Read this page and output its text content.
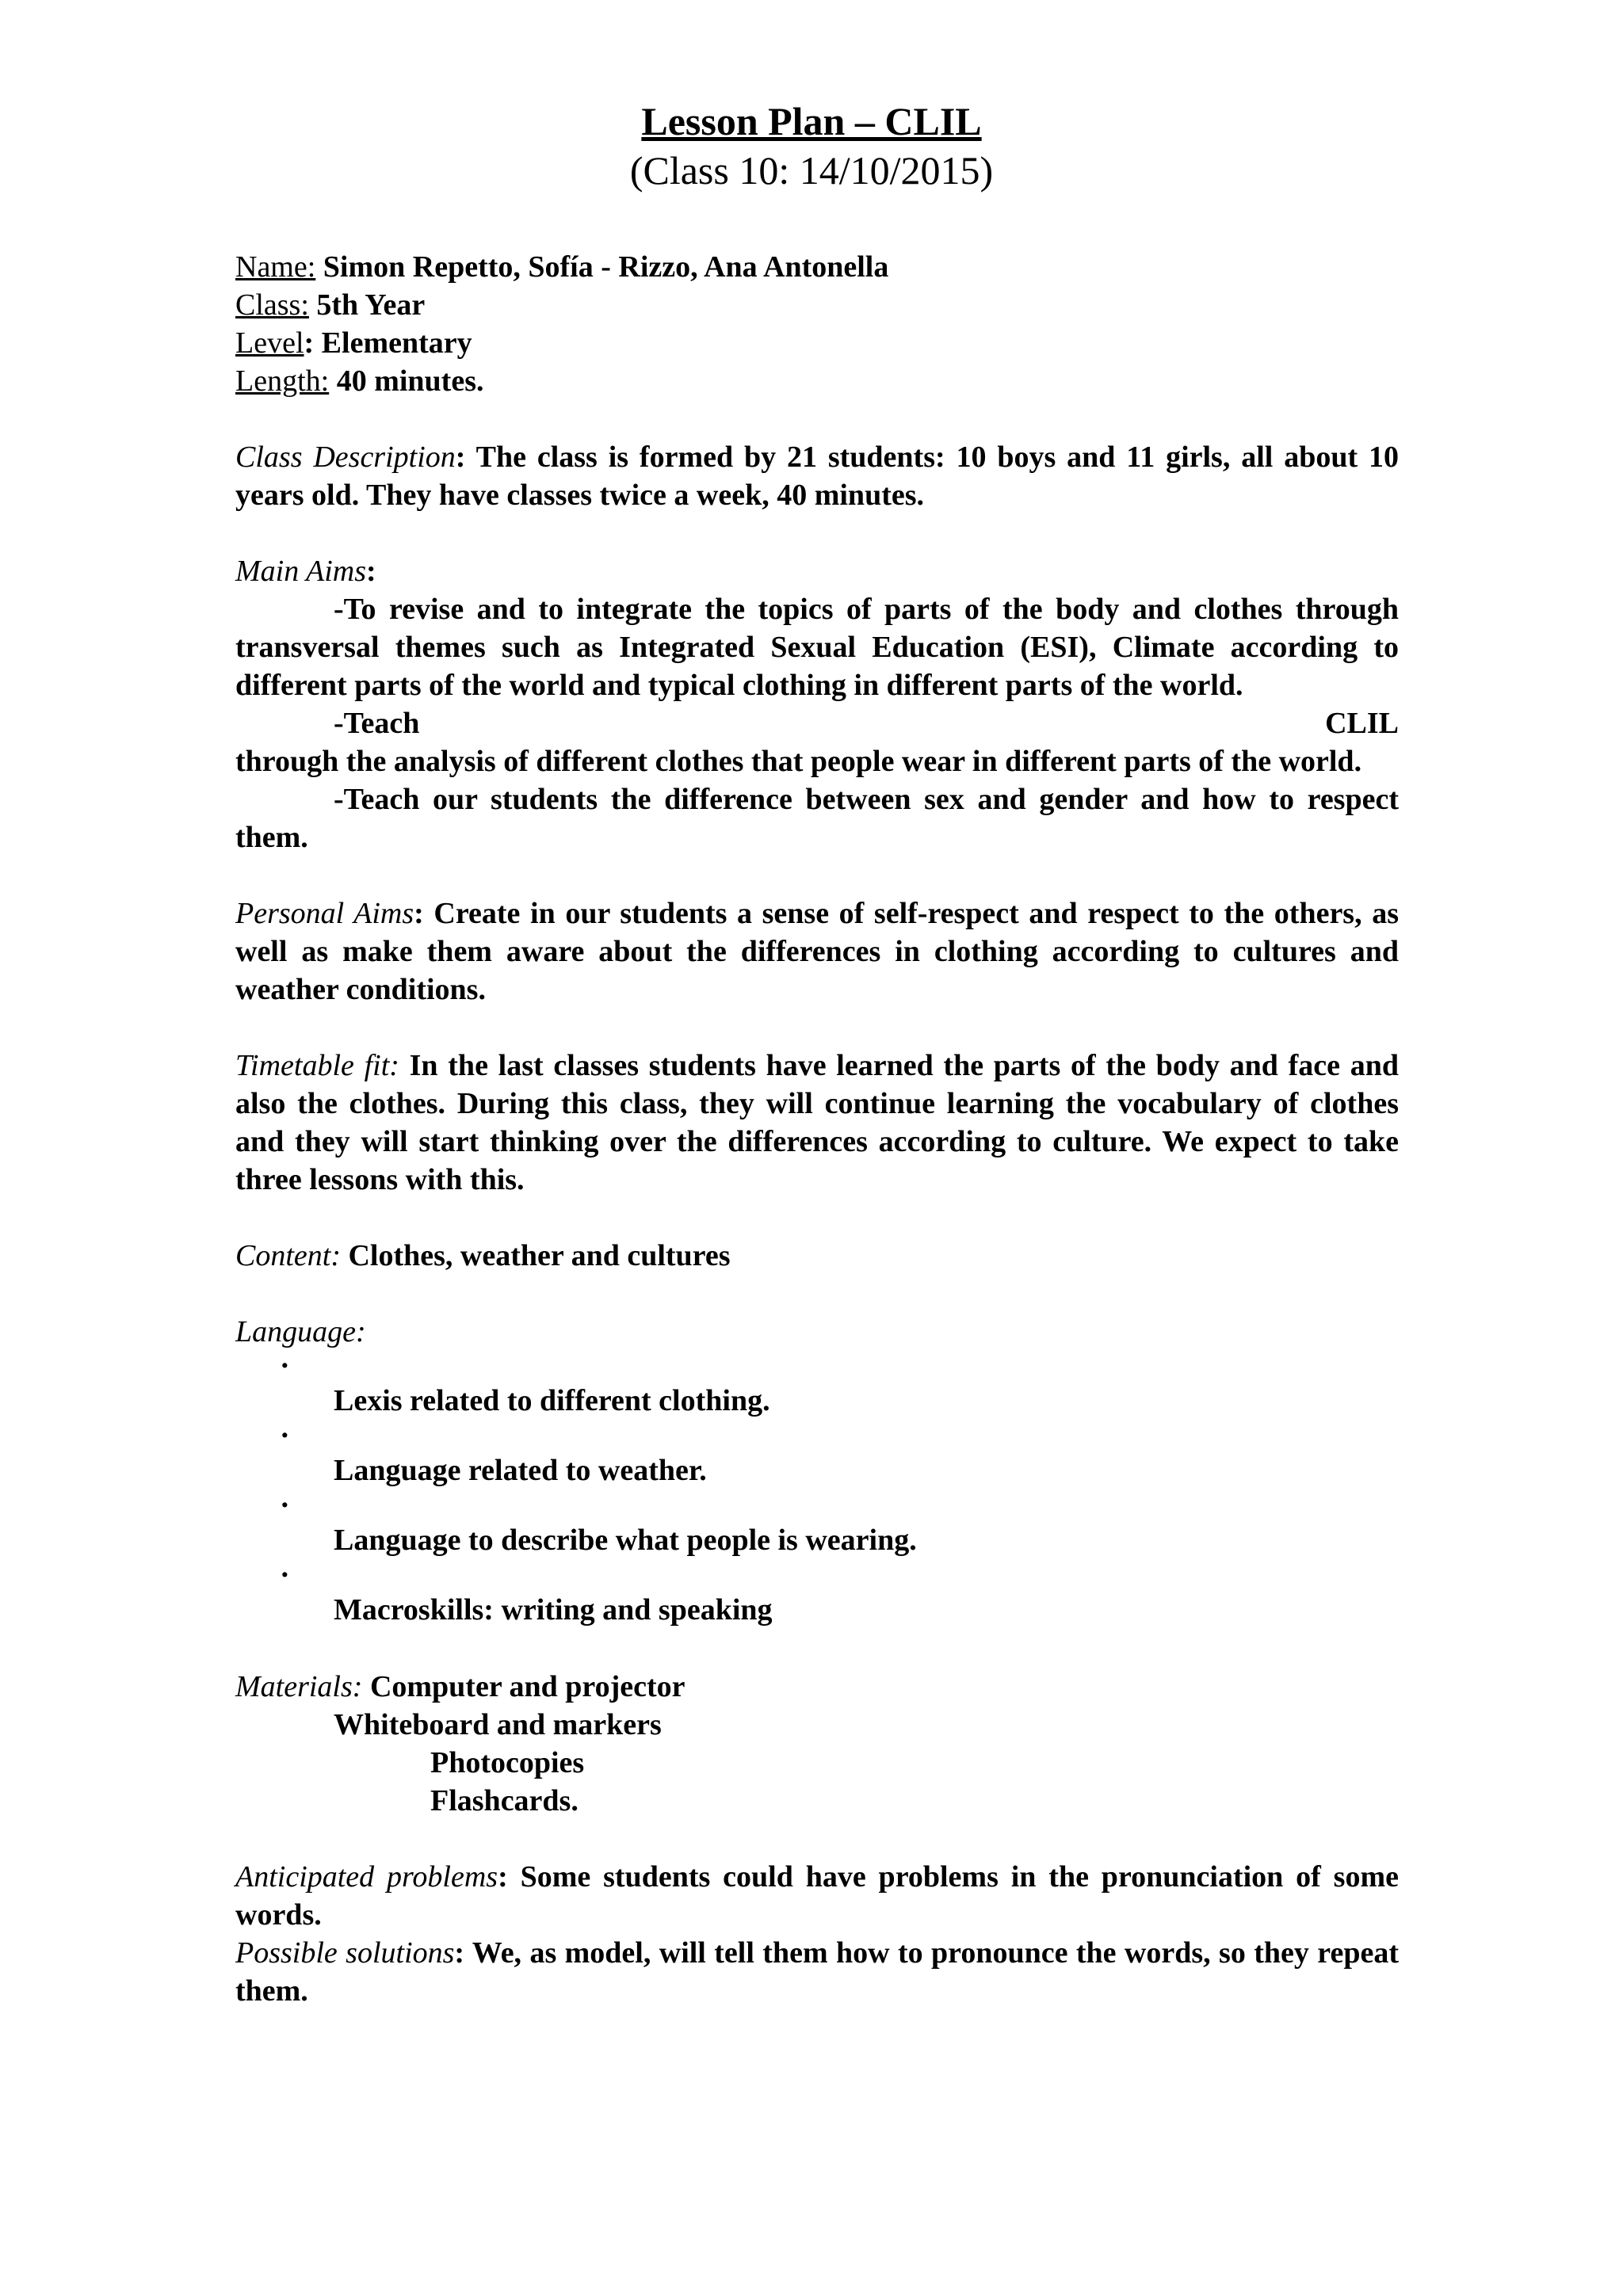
Lesson Plan – CLIL
(Class 10: 14/10/2015)
Name: Simon Repetto, Sofía - Rizzo, Ana Antonella
Class: 5th Year
Level: Elementary
Length: 40 minutes.
Class Description: The class is formed by 21 students: 10 boys and 11 girls, all about 10 years old. They have classes twice a week, 40 minutes.
Main Aims:
-To revise and to integrate the topics of parts of the body and clothes through transversal themes such as Integrated Sexual Education (ESI), Climate according to different parts of the world and typical clothing in different parts of the world.
-Teach	CLIL
through the analysis of different clothes that people wear in different parts of the world.
-Teach our students the difference between sex and gender and how to respect them.
Personal Aims: Create in our students a sense of self-respect and respect to the others, as well as make them aware about the differences in clothing according to cultures and weather conditions.
Timetable fit: In the last classes students have learned the parts of the body and face and also the clothes. During this class, they will continue learning the vocabulary of clothes and they will start thinking over the differences according to culture. We expect to take three lessons with this.
Content: Clothes, weather and cultures
Language:
·
Lexis related to different clothing.
·
Language related to weather.
·
Language to describe what people is wearing.
·
Macroskills: writing and speaking
Materials: Computer and projector
Whiteboard and markers
Photocopies
Flashcards.
Anticipated problems: Some students could have problems in the pronunciation of some words.
Possible solutions: We, as model, will tell them how to pronounce the words, so they repeat them.
